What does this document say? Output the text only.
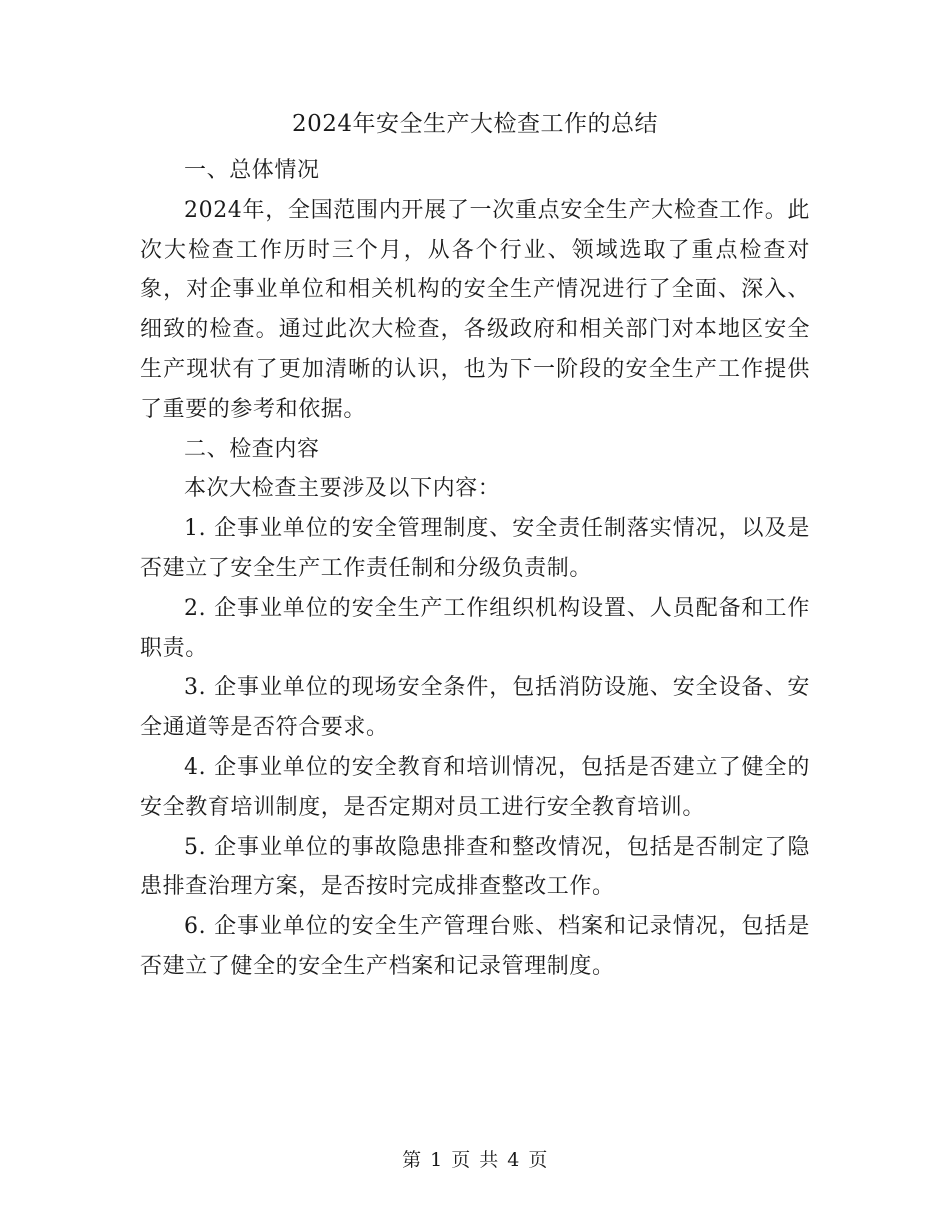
2024年安全生产大检查工作的总结

一、总体情况

2024年，全国范围内开展了一次重点安全生产大检查工作。此次大检查工作历时三个月，从各个行业、领域选取了重点检查对象，对企事业单位和相关机构的安全生产情况进行了全面、深入、细致的检查。通过此次大检查，各级政府和相关部门对本地区安全生产现状有了更加清晰的认识，也为下一阶段的安全生产工作提供了重要的参考和依据。

二、检查内容

本次大检查主要涉及以下内容：

1. 企事业单位的安全管理制度、安全责任制落实情况，以及是否建立了安全生产工作责任制和分级负责制。

2. 企事业单位的安全生产工作组织机构设置、人员配备和工作职责。

3. 企事业单位的现场安全条件，包括消防设施、安全设备、安全通道等是否符合要求。

4. 企事业单位的安全教育和培训情况，包括是否建立了健全的安全教育培训制度，是否定期对员工进行安全教育培训。

5. 企事业单位的事故隐患排查和整改情况，包括是否制定了隐患排查治理方案，是否按时完成排查整改工作。

6. 企事业单位的安全生产管理台账、档案和记录情况，包括是否建立了健全的安全生产档案和记录管理制度。

第 1 页 共 4 页
